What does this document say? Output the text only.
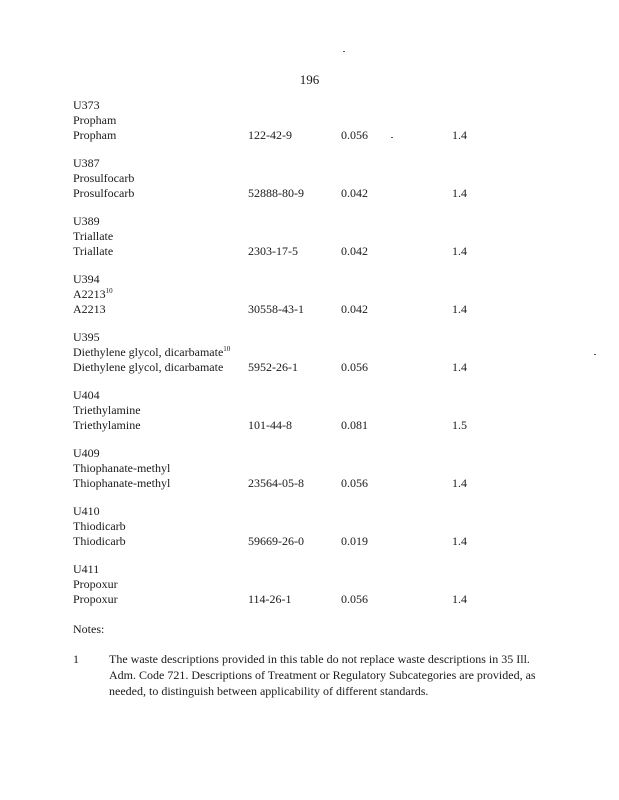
196
U373
Propham
Propham	122-42-9	0.056	1.4
U387
Prosulfocarb
Prosulfocarb	52888-80-9	0.042	1.4
U389
Triallate
Triallate	2303-17-5	0.042	1.4
U394
A2213$^{10}$
A2213	30558-43-1	0.042	1.4
U395
Diethylene glycol, dicarbamate$^{10}$
Diethylene glycol, dicarbamate 5952-26-1	0.056	1.4
U404
Triethylamine
Triethylamine	101-44-8	0.081	1.5
U409
Thiophanate-methyl
Thiophanate-methyl	23564-05-8	0.056	1.4
U410
Thiodicarb
Thiodicarb	59669-26-0	0.019	1.4
U411
Propoxur
Propoxur	114-26-1	0.056	1.4
Notes:
1	The waste descriptions provided in this table do not replace waste descriptions in 35 Ill. Adm. Code 721. Descriptions of Treatment or Regulatory Subcategories are provided, as needed, to distinguish between applicability of different standards.
